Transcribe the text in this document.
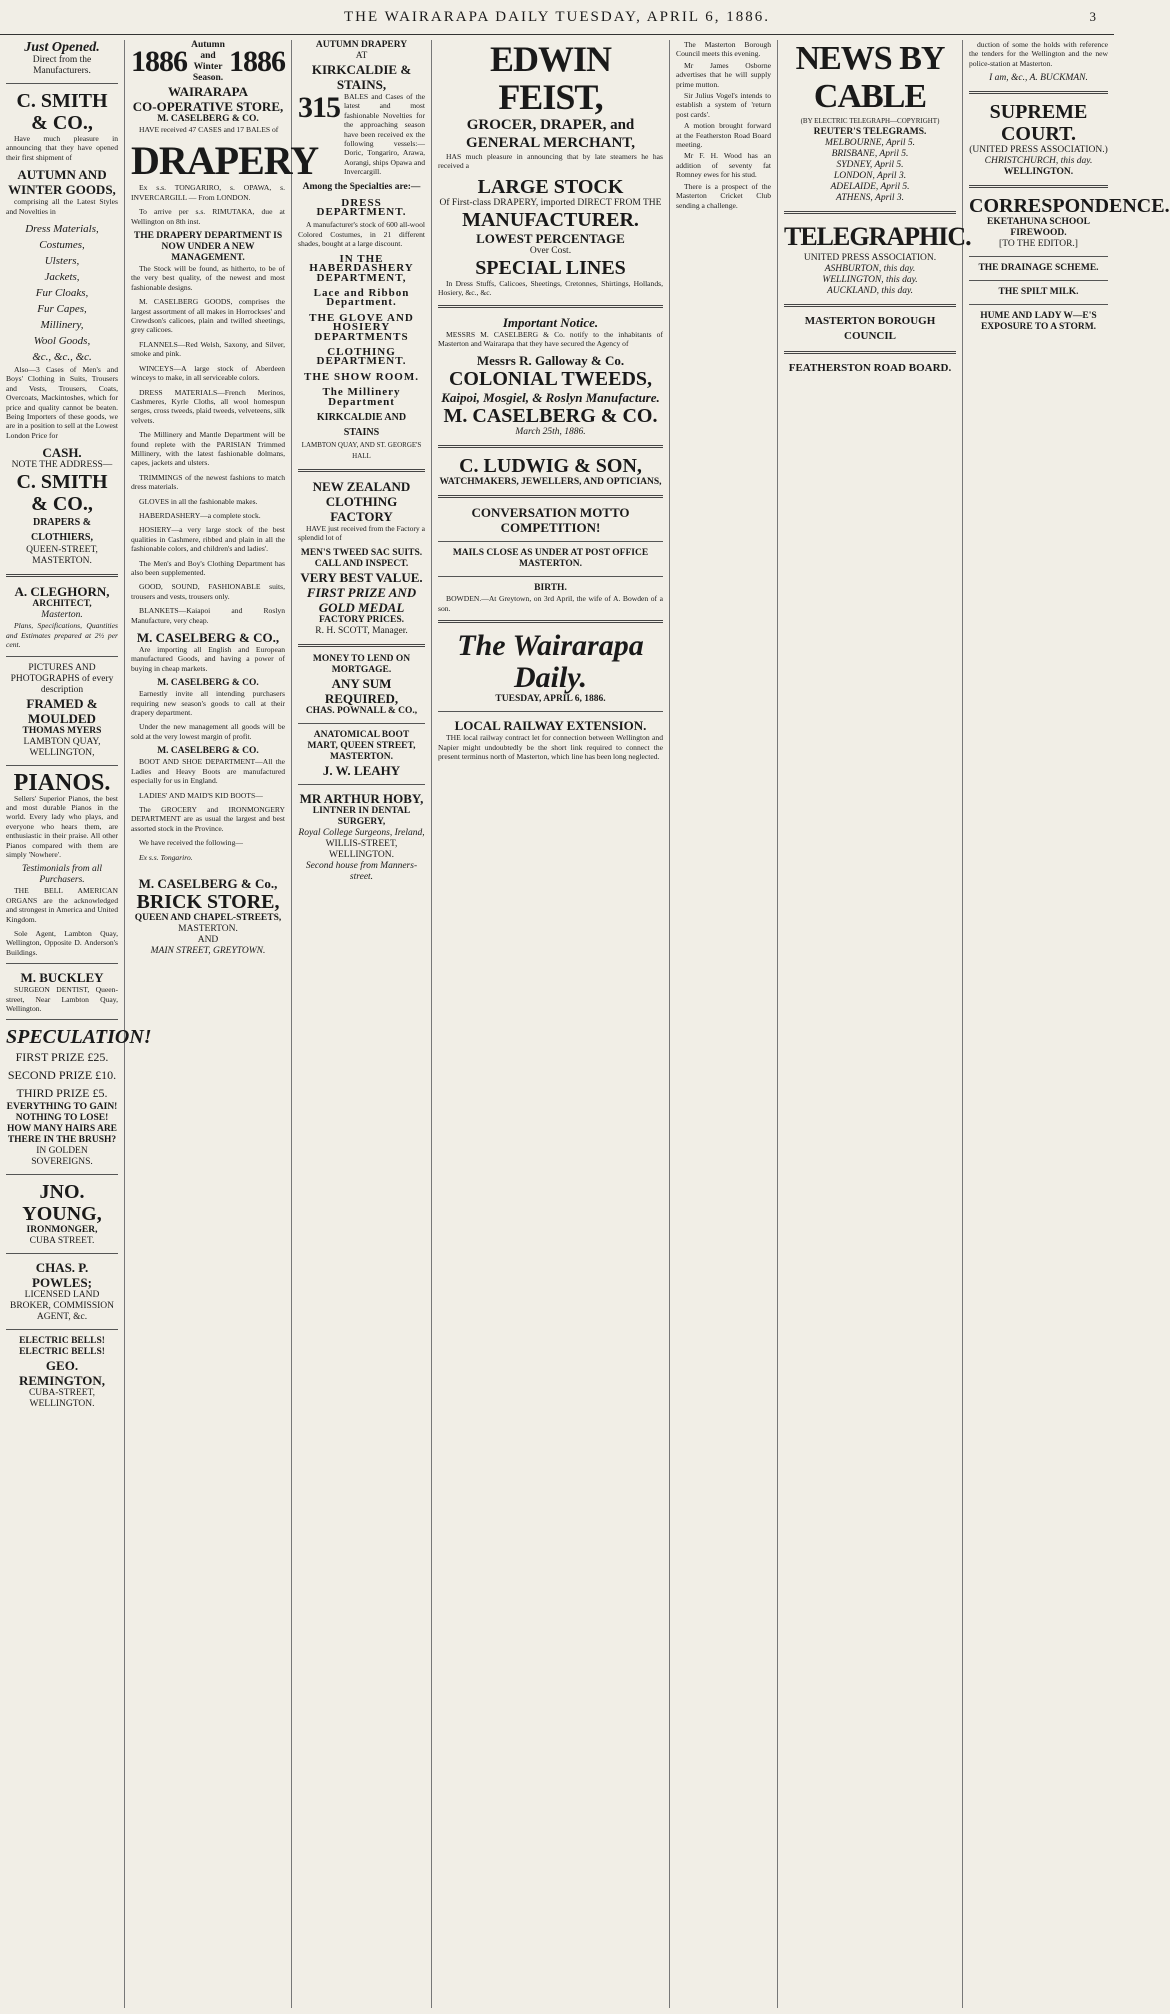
THE WAIRARAPA DAILY TUESDAY, APRIL 6, 1886.	3
Just Opened.
Direct from the Manufacturers.
C. SMITH & CO.,

Have much pleasure in announcing that they have opened their first shipment of

AUTUMN AND WINTER GOODS,

comprising all the Latest Styles and Novelties in

Dress Materials,
Costumes,
Ulsters,
Jackets,
Fur Cloaks,
Fur Capes,
Millinery,
Wool Goods,
&c., &c., &c.

Also—3 Cases of Men's and Boys' Clothing in Suits, Trousers and Vests, Trousers, Coats, Overcoats, Mackintoshes, which for price and quality cannot be beaten. Being Importers of these goods, we are in a position to sell at the Lowest London Price for

CASH.
NOTE THE ADDRESS—
C. SMITH & CO.,
DRAPERS & CLOTHIERS,
QUEEN-STREET, MASTERTON.
A. CLEGHORN,
ARCHITECT,
Masterton.

Plans, Specifications, Quantities and Estimates prepared at 2½ per cent.

PICTURES AND PHOTOGRAPHS of every description
FRAMED & MOULDED
THOMAS MYERS
LAMBTON QUAY, WELLINGTON,
PIANOS.

Sellers' Superior Pianos, the best and most durable Pianos in the world. Every lady who plays, and everyone who hears them, are enthusiastic in their praise. All other Pianos compared with them are simply 'Nowhere'.

Testimonials from all Purchasers.

THE BELL AMERICAN ORGANS are the acknowledged and strongest in America and United Kingdom.

Sole Agent, Lambton Quay, Wellington, Opposite D. Anderson's Buildings.

M. BUCKLEY

SURGEON DENTIST, Queen-street, Near Lambton Quay, Wellington.

SPECULATION!
FIRST PRIZE £25.
SECOND PRIZE £10.
THIRD PRIZE £5.
EVERYTHING TO GAIN! NOTHING TO LOSE!
HOW MANY HAIRS ARE THERE IN THE BRUSH?
IN GOLDEN SOVEREIGNS.
JNO. YOUNG,
IRONMONGER,
CUBA STREET.
CHAS. P. POWLES;
LICENSED LAND BROKER, COMMISSION AGENT, &c.
ELECTRIC BELLS! ELECTRIC BELLS!
GEO. REMINGTON,
CUBA-STREET, WELLINGTON.
1886 Autumn and Winter Season. 1886
WAIRARAPA
CO-OPERATIVE STORE,
M. CASELBERG & CO.

HAVE received 47 CASES and 17 BALES of

DRAPERY

Ex s.s. TONGARIRO, s. OPAWA, s. INVERCARGILL — From LONDON.

To arrive per s.s. RIMUTAKA, due at Wellington on 8th inst.

THE DRAPERY DEPARTMENT IS NOW UNDER A NEW MANAGEMENT.

The Stock will be found, as hitherto, to be of the very best quality, of the newest and most fashionable designs.

M. CASELBERG GOODS, comprises the largest assortment of all makes in Horrockses' and Crewdson's calicoes, plain and twilled sheetings, grey calicoes.

FLANNELS—Red Welsh, Saxony, and Silver, smoke and pink.

WINCEYS—A large stock of Aberdeen winceys to make, in all serviceable colors.

DRESS MATERIALS—French Merinos, Cashmeres, Kyrle Cloths, all wool homespun serges, cross tweeds, plaid tweeds, velveteens, silk velvets.

The Millinery and Mantle Department will be found replete with the PARISIAN Trimmed Millinery, with the latest fashionable dolmans, capes, jackets and ulsters.

TRIMMINGS of the newest fashions to match dress materials.

GLOVES in all the fashionable makes.

HABERDASHERY—a complete stock.

HOSIERY—a very large stock of the best qualities in Cashmere, ribbed and plain in all the fashionable colors, and children's and ladies'.

The Men's and Boy's Clothing Department has also been supplemented.

GOOD, SOUND, FASHIONABLE suits, trousers and vests, trousers only.

BLANKETS—Kaiapoi and Roslyn Manufacture, very cheap.

M. CASELBERG & CO.,

Are importing all English and European manufactured Goods, and having a power of buying in cheap markets.

M. CASELBERG & CO.

Earnestly invite all intending purchasers requiring new season's goods to call at their drapery department.

Under the new management all goods will be sold at the very lowest margin of profit.

M. CASELBERG & CO.

BOOT AND SHOE DEPARTMENT—All the Ladies and Heavy Boots are manufactured especially for us in England.

LADIES' AND MAID'S KID BOOTS—

The GROCERY and IRONMONGERY DEPARTMENT are as usual the largest and best assorted stock in the Province.

We have received the following—

Ex s.s. Tongariro.

M. CASELBERG & Co.,
BRICK STORE,
QUEEN AND CHAPEL-STREETS,
MASTERTON.
AND
MAIN STREET, GREYTOWN.
AUTUMN DRAPERY
AT
KIRKCALDIE & STAINS,
315 BALES and Cases of the latest and most fashionable Novelties for the approaching season have been received ex the following vessels:—Doric, Tongariro, Arawa, Aorangi, ships Opawa and Invercargill.

Among the Specialties are:—
DRESS DEPARTMENT.

A manufacturer's stock of 600 all-wool Colored Costumes, in 21 different shades, bought at a large discount.

IN THE HABERDASHERY DEPARTMENT,
Lace and Ribbon Department.
THE GLOVE AND HOSIERY DEPARTMENTS
CLOTHING DEPARTMENT.
THE SHOW ROOM.
The Millinery Department
KIRKCALDIE AND STAINS
LAMBTON QUAY, AND ST. GEORGE'S HALL
NEW ZEALAND CLOTHING FACTORY

HAVE just received from the Factory a splendid lot of

MEN'S TWEED SAC SUITS.
CALL AND INSPECT.
VERY BEST VALUE.
FIRST PRIZE AND GOLD MEDAL
FACTORY PRICES.
R. H. SCOTT, Manager.
MONEY TO LEND ON MORTGAGE.
ANY SUM REQUIRED,
CHAS. POWNALL & CO.,
ANATOMICAL BOOT MART, QUEEN STREET, MASTERTON.
J. W. LEAHY
MR ARTHUR HOBY,
LINTNER IN DENTAL SURGERY,
Royal College Surgeons, Ireland,
WILLIS-STREET, WELLINGTON.
Second house from Manners-street.
EDWIN FEIST,
GROCER, DRAPER, and GENERAL MERCHANT,

HAS much pleasure in announcing that by late steamers he has received a

LARGE STOCK
Of First-class DRAPERY, imported DIRECT FROM THE
MANUFACTURER.
LOWEST PERCENTAGE
Over Cost.
SPECIAL LINES

In Dress Stuffs, Calicoes, Sheetings, Cretonnes, Shirtings, Hollands, Hosiery, &c., &c.

Important Notice.

MESSRS M. CASELBERG & Co. notify to the inhabitants of Masterton and Wairarapa that they have secured the Agency of

Messrs R. Galloway & Co.
COLONIAL TWEEDS,
Kaipoi, Mosgiel, & Roslyn Manufacture.
M. CASELBERG & CO.
March 25th, 1886.
C. LUDWIG & SON,
WATCHMAKERS, JEWELLERS, AND OPTICIANS,
CONVERSATION MOTTO COMPETITION!
MAILS CLOSE AS UNDER AT POST OFFICE MASTERTON.
BIRTH.

BOWDEN.—At Greytown, on 3rd April, the wife of A. Bowden of a son.

The Wairarapa Daily.
TUESDAY, APRIL 6, 1886.
LOCAL RAILWAY EXTENSION.

THE local railway contract let for connection between Wellington and Napier might undoubtedly be the short link required to connect the present terminus north of Masterton, which line has been long neglected.

The Masterton Borough Council meets this evening.

Mr James Osborne advertises that he will supply prime mutton.

Sir Julius Vogel's intends to establish a system of 'return post cards'.

A motion brought forward at the Featherston Road Board meeting.

Mr F. H. Wood has an addition of seventy fat Romney ewes for his stud.

There is a prospect of the Masterton Cricket Club sending a challenge.

NEWS BY CABLE
(BY ELECTRIC TELEGRAPH—COPYRIGHT)
REUTER'S TELEGRAMS.
MELBOURNE, April 5.
BRISBANE, April 5.
SYDNEY, April 5.
LONDON, April 3.
ADELAIDE, April 5.
ATHENS, April 3.
TELEGRAPHIC.
UNITED PRESS ASSOCIATION.
ASHBURTON, this day.
WELLINGTON, this day.
AUCKLAND, this day.
MASTERTON BOROUGH COUNCIL
FEATHERSTON ROAD BOARD.

duction of some the holds with reference the tenders for the Wellington and the new police-station at Masterton.

I am, &c., A. BUCKMAN.
SUPREME COURT.
(UNITED PRESS ASSOCIATION.)
CHRISTCHURCH, this day.
WELLINGTON.
CORRESPONDENCE.
EKETAHUNA SCHOOL FIREWOOD.
[TO THE EDITOR.]
THE DRAINAGE SCHEME.
THE SPILT MILK.
HUME AND LADY W—E'S EXPOSURE TO A STORM.
